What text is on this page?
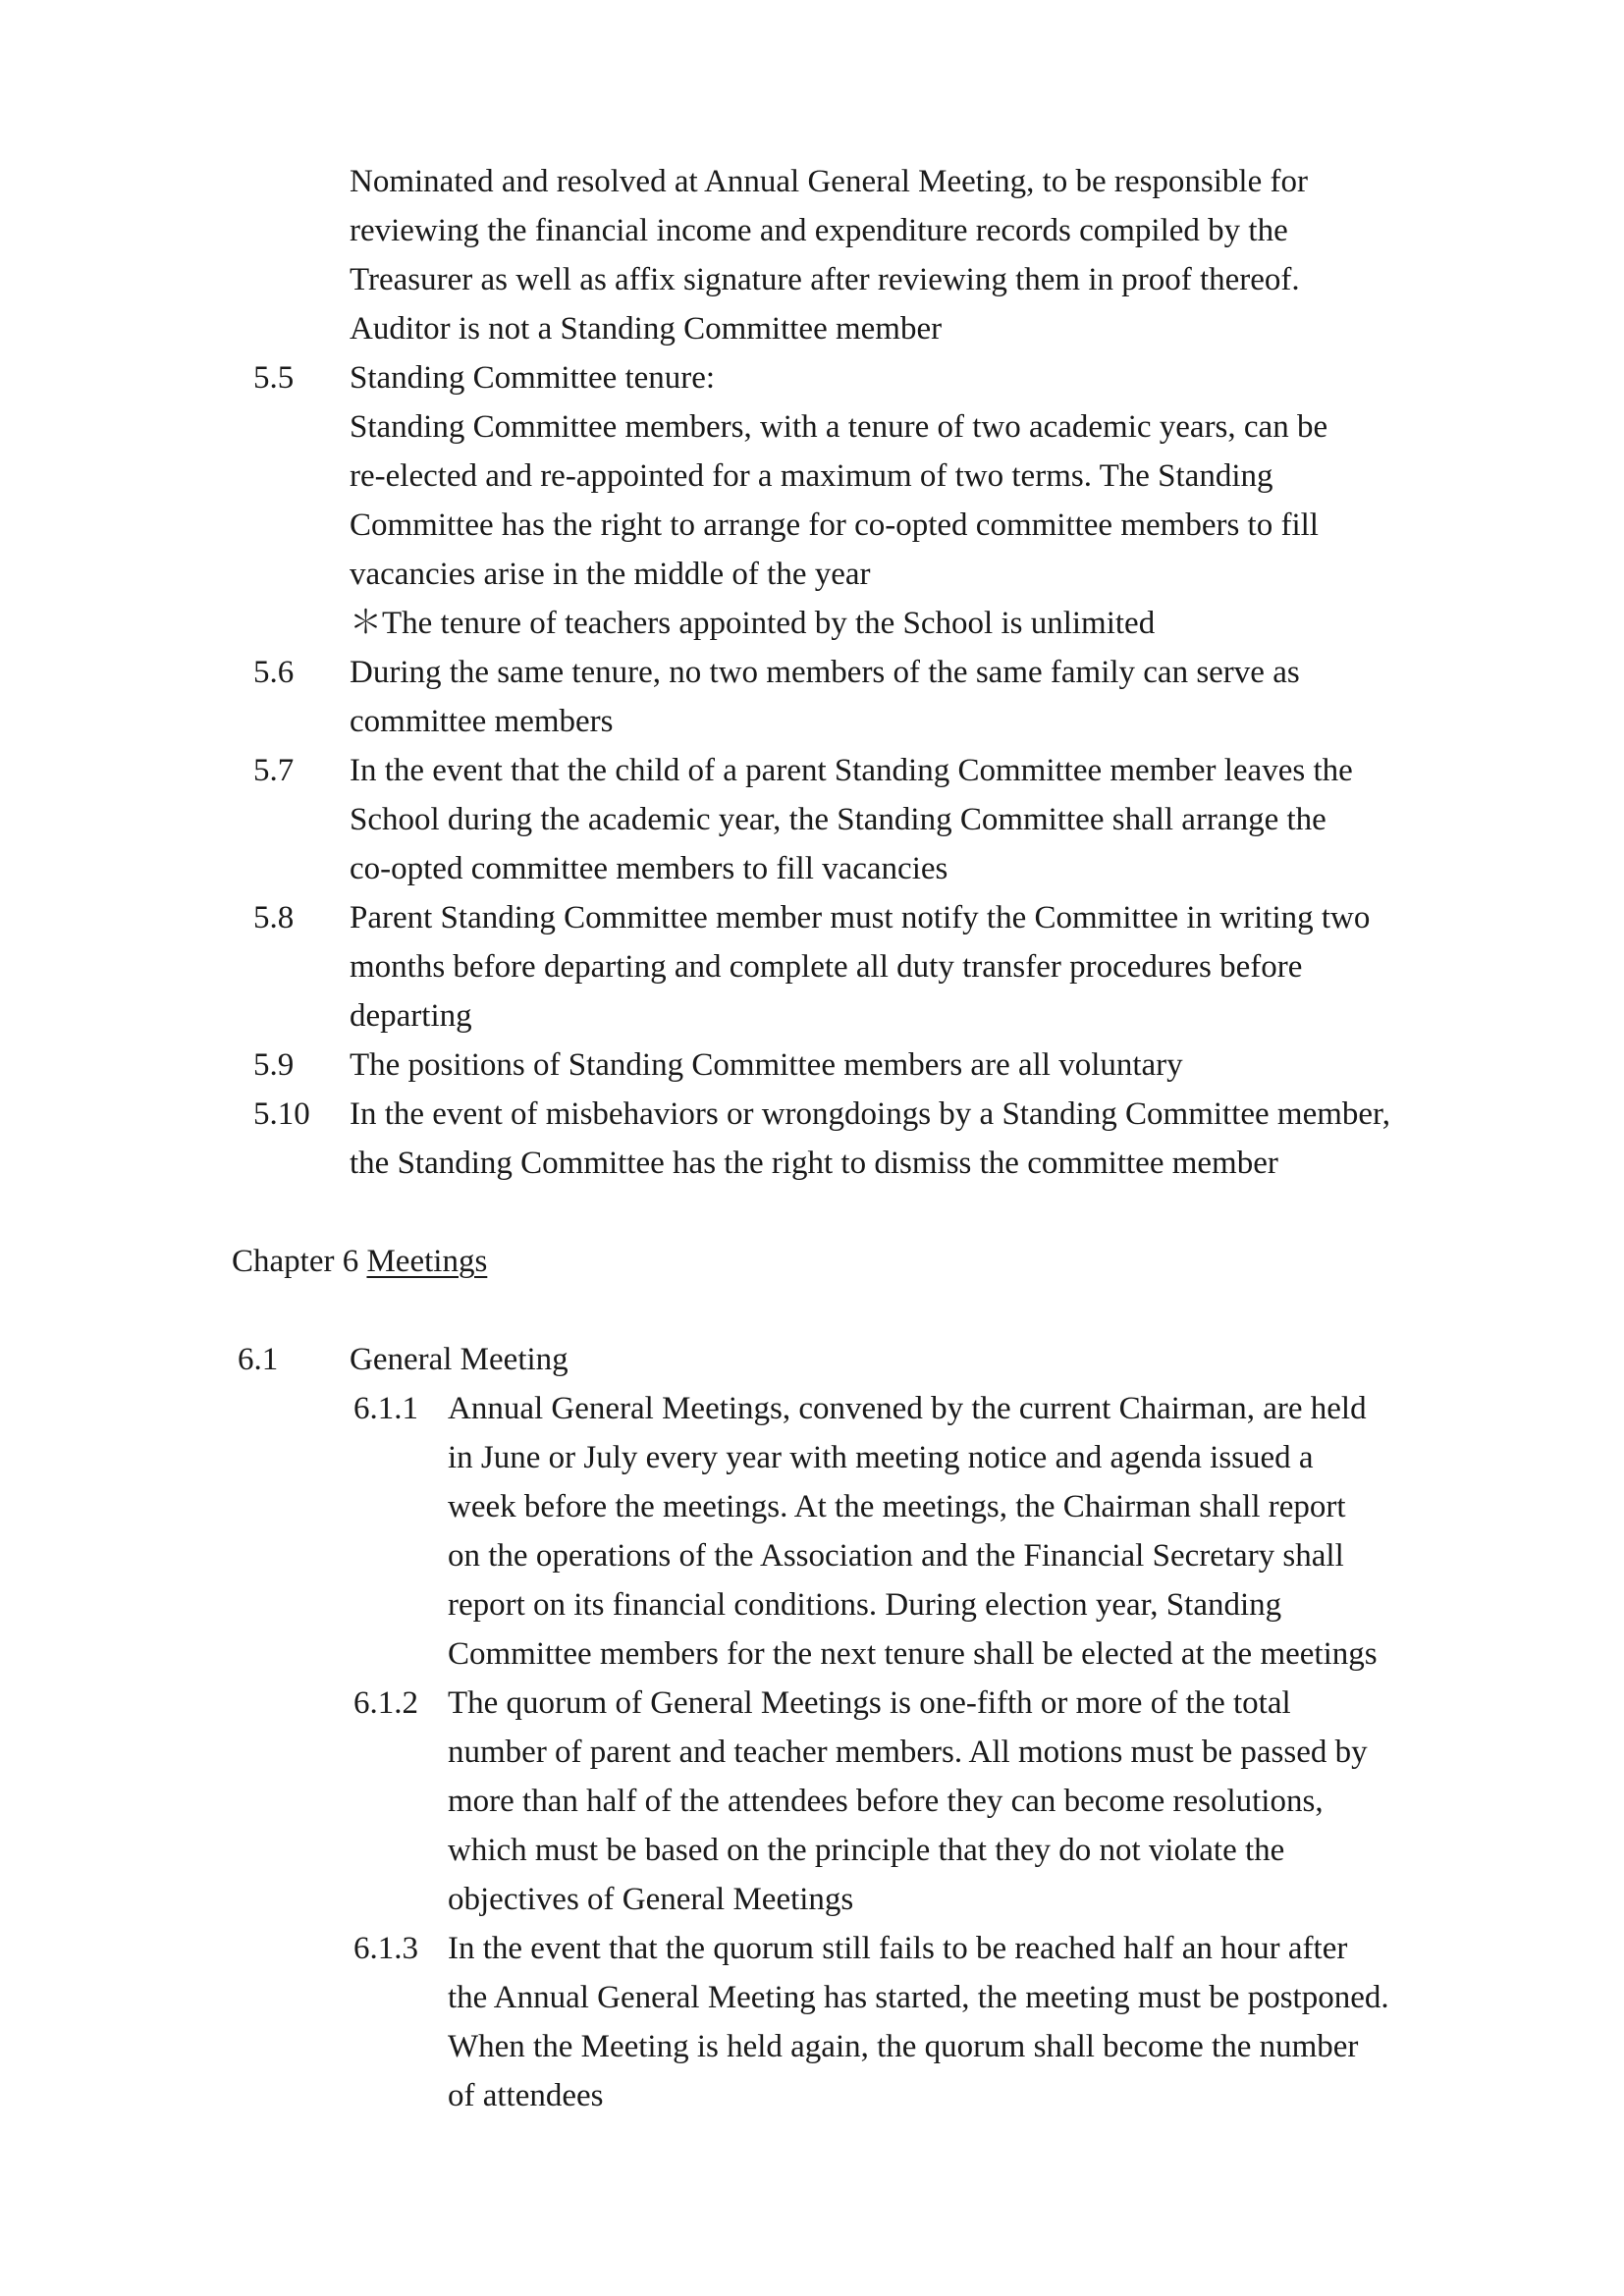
Nominated and resolved at Annual General Meeting, to be responsible for
reviewing the financial income and expenditure records compiled by the
Treasurer as well as affix signature after reviewing them in proof thereof.
Auditor is not a Standing Committee member
5.5 Standing Committee tenure:
Standing Committee members, with a tenure of two academic years, can be
re-elected and re-appointed for a maximum of two terms. The Standing
Committee has the right to arrange for co-opted committee members to fill
vacancies arise in the middle of the year
＊The tenure of teachers appointed by the School is unlimited
5.6 During the same tenure, no two members of the same family can serve as
committee members
5.7 In the event that the child of a parent Standing Committee member leaves the
School during the academic year, the Standing Committee shall arrange the
co-opted committee members to fill vacancies
5.8 Parent Standing Committee member must notify the Committee in writing two
months before departing and complete all duty transfer procedures before
departing
5.9 The positions of Standing Committee members are all voluntary
5.10 In the event of misbehaviors or wrongdoings by a Standing Committee member,
the Standing Committee has the right to dismiss the committee member
Chapter 6 Meetings
6.1 General Meeting
6.1.1 Annual General Meetings, convened by the current Chairman, are held
in June or July every year with meeting notice and agenda issued a
week before the meetings. At the meetings, the Chairman shall report
on the operations of the Association and the Financial Secretary shall
report on its financial conditions. During election year, Standing
Committee members for the next tenure shall be elected at the meetings
6.1.2 The quorum of General Meetings is one-fifth or more of the total
number of parent and teacher members. All motions must be passed by
more than half of the attendees before they can become resolutions,
which must be based on the principle that they do not violate the
objectives of General Meetings
6.1.3 In the event that the quorum still fails to be reached half an hour after
the Annual General Meeting has started, the meeting must be postponed.
When the Meeting is held again, the quorum shall become the number
of attendees
